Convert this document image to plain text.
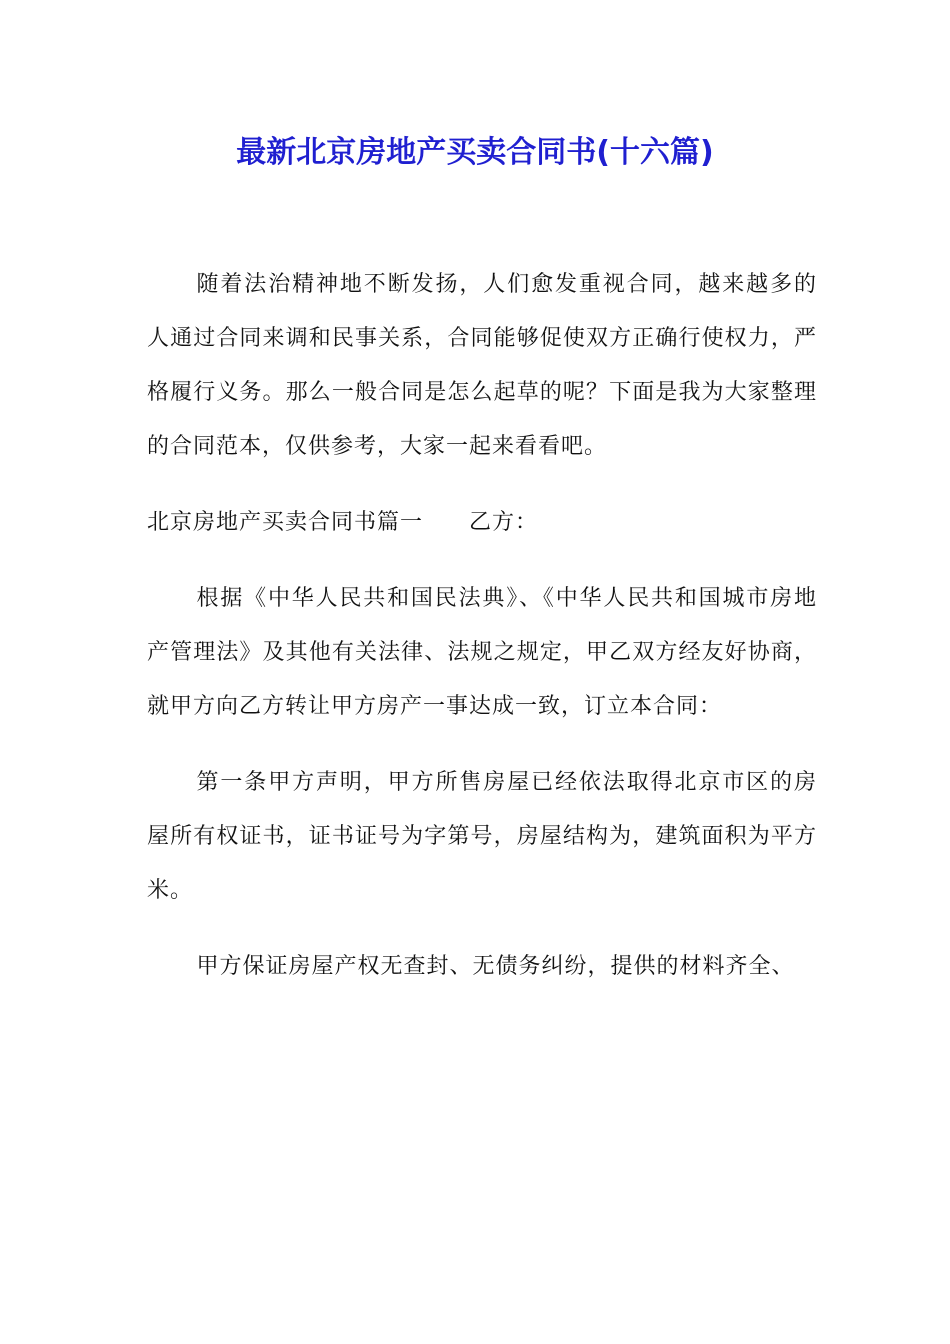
最新北京房地产买卖合同书(十六篇)

随着法治精神地不断发扬，人们愈发重视合同，越来越多的人通过合同来调和民事关系，合同能够促使双方正确行使权力，严格履行义务。那么一般合同是怎么起草的呢？下面是我为大家整理的合同范本，仅供参考，大家一起来看看吧。

北京房地产买卖合同书篇一 乙方：

根据《中华人民共和国民法典》、《中华人民共和国城市房地产管理法》及其他有关法律、法规之规定，甲乙双方经友好协商，就甲方向乙方转让甲方房产一事达成一致，订立本合同：

第一条甲方声明，甲方所售房屋已经依法取得北京市区的房屋所有权证书，证书证号为字第号，房屋结构为，建筑面积为平方米。

甲方保证房屋产权无查封、无债务纠纷，提供的材料齐全、
